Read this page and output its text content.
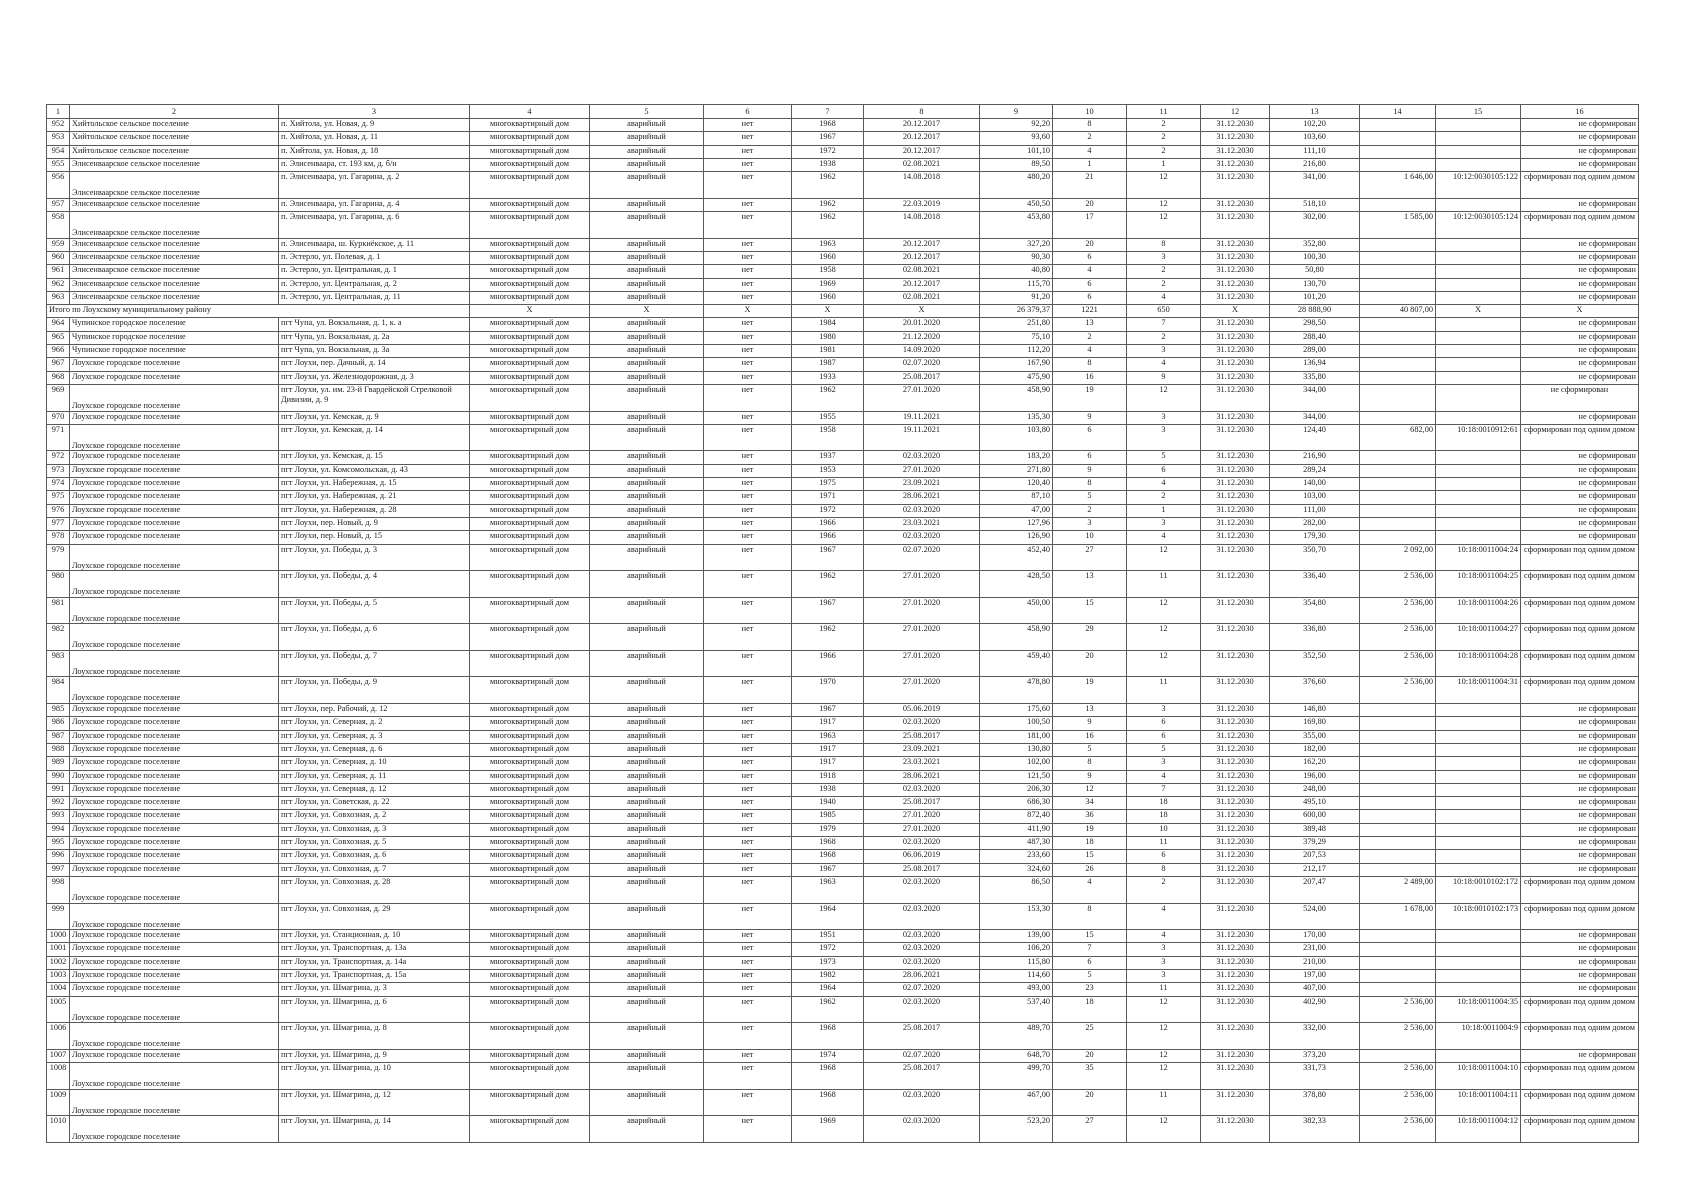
1	2	3	4	5	6	7	8	9	10	11	12	13	14	15	16
952	Хийтольское сельское поселение	п. Хийтола, ул. Новая, д. 9	многоквартирный дом	аварийный	нет	1968	20.12.2017	92,20	8	2	31.12.2030	102,20			не сформирован
953	Хийтольское сельское поселение	п. Хийтола, ул. Новая, д. 11	многоквартирный дом	аварийный	нет	1967	20.12.2017	93,60	2	2	31.12.2030	103,60			не сформирован
954	Хийтольское сельское поселение	п. Хийтола, ул. Новая, д. 18	многоквартирный дом	аварийный	нет	1972	20.12.2017	101,10	4	2	31.12.2030	111,10			не сформирован
955	Элисенваарское сельское поселение	п. Элисенваара, ст. 193 км, д. б/н	многоквартирный дом	аварийный	нет	1938	02.08.2021	89,50	1	1	31.12.2030	216,80			не сформирован
956	Элисенваарское сельское поселение	п. Элисенваара, ул. Гагарина, д. 2	многоквартирный дом	аварийный	нет	1962	14.08.2018	480,20	21	12	31.12.2030	341,00	1 646,00	10:12:0030105:122	сформирован под одним домом
957	Элисенваарское сельское поселение	п. Элисенваара, ул. Гагарина, д. 4	многоквартирный дом	аварийный	нет	1962	22.03.2019	450,50	20	12	31.12.2030	518,10			не сформирован
958	Элисенваарское сельское поселение	п. Элисенваара, ул. Гагарина, д. 6	многоквартирный дом	аварийный	нет	1962	14.08.2018	453,80	17	12	31.12.2030	302,00	1 585,00	10:12:0030105:124	сформирован под одним домом
959	Элисенваарское сельское поселение	п. Элисенваара, ш. Куркиёкское, д. 11	многоквартирный дом	аварийный	нет	1963	20.12.2017	327,20	20	8	31.12.2030	352,80			не сформирован
960	Элисенваарское сельское поселение	п. Эстерло, ул. Полевая, д. 1	многоквартирный дом	аварийный	нет	1960	20.12.2017	90,30	6	3	31.12.2030	100,30			не сформирован
961	Элисенваарское сельское поселение	п. Эстерло, ул. Центральная, д. 1	многоквартирный дом	аварийный	нет	1958	02.08.2021	40,80	4	2	31.12.2030	50,80			не сформирован
962	Элисенваарское сельское поселение	п. Эстерло, ул. Центральная, д. 2	многоквартирный дом	аварийный	нет	1969	20.12.2017	115,70	6	2	31.12.2030	130,70			не сформирован
963	Элисенваарское сельское поселение	п. Эстерло, ул. Центральная, д. 11	многоквартирный дом	аварийный	нет	1960	02.08.2021	91,20	6	4	31.12.2030	101,20			не сформирован
Итого по Лоухскому муниципальному району			X	X	X	X	X	26 379,37	1221	650	X	28 888,90	40 807,00	X	X
964	Чупинское городское поселение	пгт Чупа, ул. Вокзальная, д. 1, к. а	многоквартирный дом	аварийный	нет	1984	20.01.2020	251,80	13	7	31.12.2030	298,50			не сформирован
965	Чупинское городское поселение	пгт Чупа, ул. Вокзальная, д. 2а	многоквартирный дом	аварийный	нет	1980	21.12.2020	75,10	2	2	31.12.2030	288,40			не сформирован
966	Чупинское городское поселение	пгт Чупа, ул. Вокзальная, д. 3а	многоквартирный дом	аварийный	нет	1981	14.09.2020	112,20	4	3	31.12.2030	289,00			не сформирован
967	Лоухское городское поселение	пгт Лоухи, пер. Дачный, д. 14	многоквартирный дом	аварийный	нет	1987	02.07.2020	167,90	8	4	31.12.2030	136,94			не сформирован
968	Лоухское городское поселение	пгт Лоухи, ул. Железнодорожная, д. 3	многоквартирный дом	аварийный	нет	1933	25.08.2017	475,90	16	9	31.12.2030	335,80			не сформирован
969	Лоухское городское поселение	пгт Лоухи, ул. им. 23-й Гвардейской Стрелковой Дивизии, д. 9	многоквартирный дом	аварийный	нет	1962	27.01.2020	458,90	19	12	31.12.2030	344,00			не сформирован
970	Лоухское городское поселение	пгт Лоухи, ул. Кемская, д. 9	многоквартирный дом	аварийный	нет	1955	19.11.2021	135,30	9	3	31.12.2030	344,00			не сформирован
971	Лоухское городское поселение	пгт Лоухи, ул. Кемская, д. 14	многоквартирный дом	аварийный	нет	1958	19.11.2021	103,80	6	3	31.12.2030	124,40	682,00	10:18:0010912:61	сформирован под одним домом
972	Лоухское городское поселение	пгт Лоухи, ул. Кемская, д. 15	многоквартирный дом	аварийный	нет	1937	02.03.2020	183,20	6	5	31.12.2030	216,90			не сформирован
973	Лоухское городское поселение	пгт Лоухи, ул. Комсомольская, д. 43	многоквартирный дом	аварийный	нет	1953	27.01.2020	271,80	9	6	31.12.2030	289,24			не сформирован
974	Лоухское городское поселение	пгт Лоухи, ул. Набережная, д. 15	многоквартирный дом	аварийный	нет	1975	23.09.2021	120,40	8	4	31.12.2030	140,00			не сформирован
975	Лоухское городское поселение	пгт Лоухи, ул. Набережная, д. 21	многоквартирный дом	аварийный	нет	1971	28.06.2021	87,10	5	2	31.12.2030	103,00			не сформирован
976	Лоухское городское поселение	пгт Лоухи, ул. Набережная, д. 28	многоквартирный дом	аварийный	нет	1972	02.03.2020	47,00	2	1	31.12.2030	111,00			не сформирован
977	Лоухское городское поселение	пгт Лоухи, пер. Новый, д. 9	многоквартирный дом	аварийный	нет	1966	23.03.2021	127,96	3	3	31.12.2030	282,00			не сформирован
978	Лоухское городское поселение	пгт Лоухи, пер. Новый, д. 15	многоквартирный дом	аварийный	нет	1966	02.03.2020	126,90	10	4	31.12.2030	179,30			не сформирован
979	Лоухское городское поселение	пгт Лоухи, ул. Победы, д. 3	многоквартирный дом	аварийный	нет	1967	02.07.2020	452,40	27	12	31.12.2030	350,70	2 092,00	10:18:0011004:24	сформирован под одним домом
980	Лоухское городское поселение	пгт Лоухи, ул. Победы, д. 4	многоквартирный дом	аварийный	нет	1962	27.01.2020	428,50	13	11	31.12.2030	336,40	2 536,00	10:18:0011004:25	сформирован под одним домом
981	Лоухское городское поселение	пгт Лоухи, ул. Победы, д. 5	многоквартирный дом	аварийный	нет	1967	27.01.2020	450,00	15	12	31.12.2030	354,80	2 536,00	10:18:0011004:26	сформирован под одним домом
982	Лоухское городское поселение	пгт Лоухи, ул. Победы, д. 6	многоквартирный дом	аварийный	нет	1962	27.01.2020	458,90	29	12	31.12.2030	336,80	2 536,00	10:18:0011004:27	сформирован под одним домом
983	Лоухское городское поселение	пгт Лоухи, ул. Победы, д. 7	многоквартирный дом	аварийный	нет	1966	27.01.2020	459,40	20	12	31.12.2030	352,50	2 536,00	10:18:0011004:28	сформирован под одним домом
984	Лоухское городское поселение	пгт Лоухи, ул. Победы, д. 9	многоквартирный дом	аварийный	нет	1970	27.01.2020	478,80	19	11	31.12.2030	376,60	2 536,00	10:18:0011004:31	сформирован под одним домом
985	Лоухское городское поселение	пгт Лоухи, пер. Рабочий, д. 12	многоквартирный дом	аварийный	нет	1967	05.06.2019	175,60	13	3	31.12.2030	146,80			не сформирован
986	Лоухское городское поселение	пгт Лоухи, ул. Северная, д. 2	многоквартирный дом	аварийный	нет	1917	02.03.2020	100,50	9	6	31.12.2030	169,80			не сформирован
987	Лоухское городское поселение	пгт Лоухи, ул. Северная, д. 3	многоквартирный дом	аварийный	нет	1963	25.08.2017	181,00	16	6	31.12.2030	355,00			не сформирован
988	Лоухское городское поселение	пгт Лоухи, ул. Северная, д. 6	многоквартирный дом	аварийный	нет	1917	23.09.2021	130,80	5	5	31.12.2030	182,00			не сформирован
989	Лоухское городское поселение	пгт Лоухи, ул. Северная, д. 10	многоквартирный дом	аварийный	нет	1917	23.03.2021	102,00	8	3	31.12.2030	162,20			не сформирован
990	Лоухское городское поселение	пгт Лоухи, ул. Северная, д. 11	многоквартирный дом	аварийный	нет	1918	28.06.2021	121,50	9	4	31.12.2030	196,00			не сформирован
991	Лоухское городское поселение	пгт Лоухи, ул. Северная, д. 12	многоквартирный дом	аварийный	нет	1938	02.03.2020	206,30	12	7	31.12.2030	248,00			не сформирован
992	Лоухское городское поселение	пгт Лоухи, ул. Советская, д. 22	многоквартирный дом	аварийный	нет	1940	25.08.2017	686,30	34	18	31.12.2030	495,10			не сформирован
993	Лоухское городское поселение	пгт Лоухи, ул. Совхозная, д. 2	многоквартирный дом	аварийный	нет	1985	27.01.2020	872,40	36	18	31.12.2030	600,00			не сформирован
994	Лоухское городское поселение	пгт Лоухи, ул. Совхозная, д. 3	многоквартирный дом	аварийный	нет	1979	27.01.2020	411,90	19	10	31.12.2030	389,48			не сформирован
995	Лоухское городское поселение	пгт Лоухи, ул. Совхозная, д. 5	многоквартирный дом	аварийный	нет	1968	02.03.2020	487,30	18	11	31.12.2030	379,29			не сформирован
996	Лоухское городское поселение	пгт Лоухи, ул. Совхозная, д. 6	многоквартирный дом	аварийный	нет	1968	06.06.2019	233,60	15	6	31.12.2030	207,53			не сформирован
997	Лоухское городское поселение	пгт Лоухи, ул. Совхозная, д. 7	многоквартирный дом	аварийный	нет	1967	25.08.2017	324,60	26	8	31.12.2030	212,17			не сформирован
998	Лоухское городское поселение	пгт Лоухи, ул. Совхозная, д. 28	многоквартирный дом	аварийный	нет	1963	02.03.2020	86,50	4	2	31.12.2030	207,47	2 489,00	10:18:0010102:172	сформирован под одним домом
999	Лоухское городское поселение	пгт Лоухи, ул. Совхозная, д. 29	многоквартирный дом	аварийный	нет	1964	02.03.2020	153,30	8	4	31.12.2030	524,00	1 678,00	10:18:0010102:173	сформирован под одним домом
1000	Лоухское городское поселение	пгт Лоухи, ул. Станционная, д. 10	многоквартирный дом	аварийный	нет	1951	02.03.2020	139,00	15	4	31.12.2030	170,00			не сформирован
1001	Лоухское городское поселение	пгт Лоухи, ул. Транспортная, д. 13а	многоквартирный дом	аварийный	нет	1972	02.03.2020	106,20	7	3	31.12.2030	231,00			не сформирован
1002	Лоухское городское поселение	пгт Лоухи, ул. Транспортная, д. 14а	многоквартирный дом	аварийный	нет	1973	02.03.2020	115,80	6	3	31.12.2030	210,00			не сформирован
1003	Лоухское городское поселение	пгт Лоухи, ул. Транспортная, д. 15а	многоквартирный дом	аварийный	нет	1982	28.06.2021	114,60	5	3	31.12.2030	197,00			не сформирован
1004	Лоухское городское поселение	пгт Лоухи, ул. Шмагрина, д. 3	многоквартирный дом	аварийный	нет	1964	02.07.2020	493,00	23	11	31.12.2030	407,00			не сформирован
1005	Лоухское городское поселение	пгт Лоухи, ул. Шмагрина, д. 6	многоквартирный дом	аварийный	нет	1962	02.03.2020	537,40	18	12	31.12.2030	402,90	2 536,00	10:18:0011004:35	сформирован под одним домом
1006	Лоухское городское поселение	пгт Лоухи, ул. Шмагрина, д. 8	многоквартирный дом	аварийный	нет	1968	25.08.2017	489,70	25	12	31.12.2030	332,00	2 536,00	10:18:0011004:9	сформирован под одним домом
1007	Лоухское городское поселение	пгт Лоухи, ул. Шмагрина, д. 9	многоквартирный дом	аварийный	нет	1974	02.07.2020	648,70	20	12	31.12.2030	373,20			не сформирован
1008	Лоухское городское поселение	пгт Лоухи, ул. Шмагрина, д. 10	многоквартирный дом	аварийный	нет	1968	25.08.2017	499,70	35	12	31.12.2030	331,73	2 536,00	10:18:0011004:10	сформирован под одним домом
1009	Лоухское городское поселение	пгт Лоухи, ул. Шмагрина, д. 12	многоквартирный дом	аварийный	нет	1968	02.03.2020	467,00	20	11	31.12.2030	378,80	2 536,00	10:18:0011004:11	сформирован под одним домом
1010	Лоухское городское поселение	пгт Лоухи, ул. Шмагрина, д. 14	многоквартирный дом	аварийный	нет	1969	02.03.2020	523,20	27	12	31.12.2030	382,33	2 536,00	10:18:0011004:12	сформирован под одним домом
